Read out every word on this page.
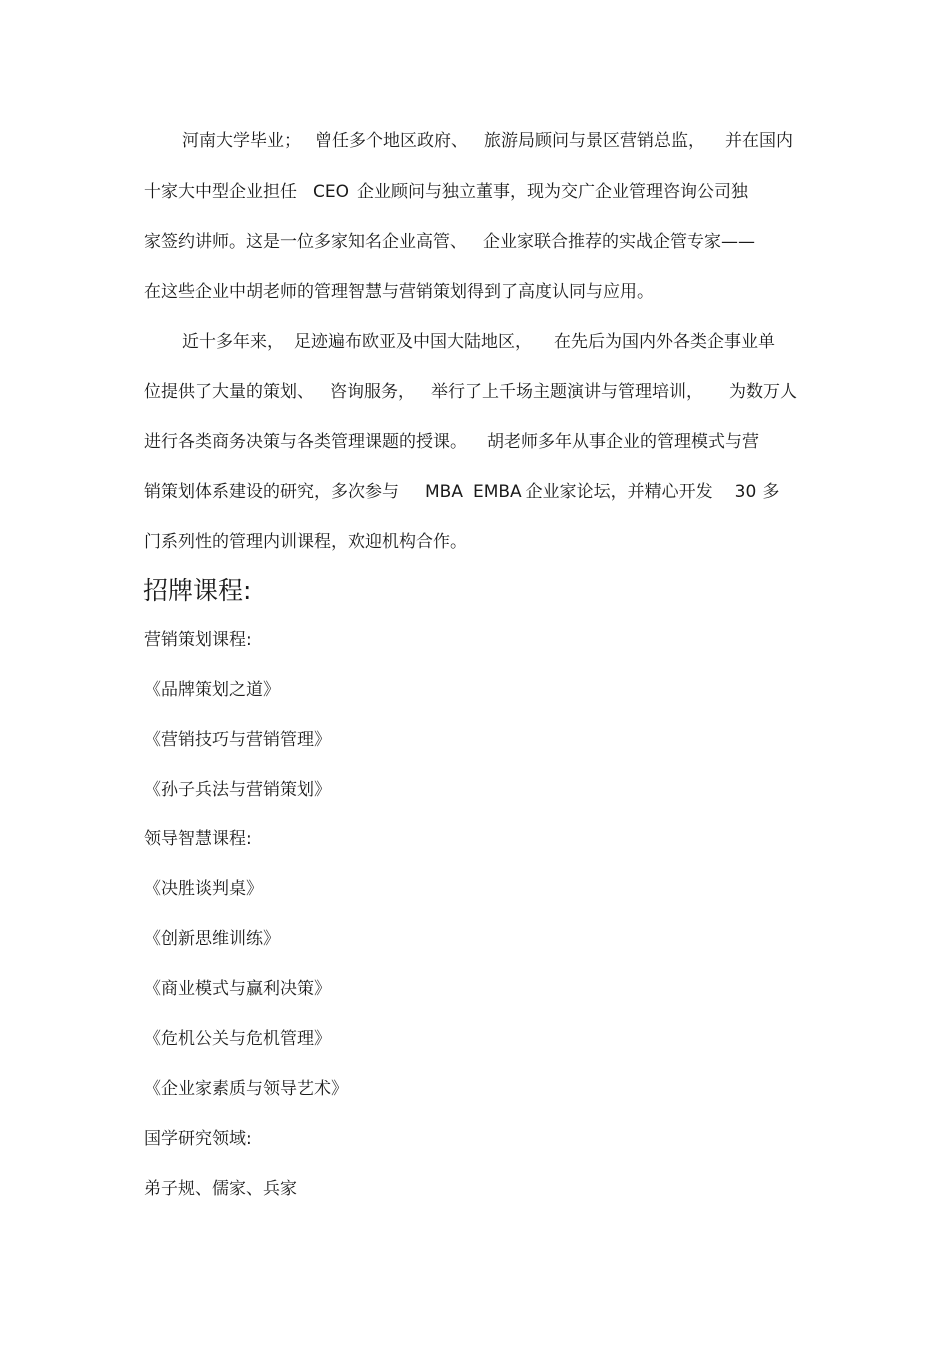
河南大学毕业； 曾任多个地区政府、 旅游局顾问与景区营销总监， 并在国内
十家大中型企业担任 CEO 企业顾问与独立董事，现为交广企业管理咨询公司独
家签约讲师。这是一位多家知名企业高管、 企业家联合推荐的实战企管专家——
在这些企业中胡老师的管理智慧与营销策划得到了高度认同与应用。
近十多年来， 足迹遍布欧亚及中国大陆地区， 在先后为国内外各类企事业单
位提供了大量的策划、 咨询服务， 举行了上千场主题演讲与管理培训， 为数万人
进行各类商务决策与各类管理课题的授课。 胡老师多年从事企业的管理模式与营
销策划体系建设的研究，多次参与 MBA EMBA 企业家论坛，并精心开发 30 多
门系列性的管理内训课程，欢迎机构合作。
招牌课程:
营销策划课程:
《品牌策划之道》
《营销技巧与营销管理》
《孙子兵法与营销策划》
领导智慧课程:
《决胜谈判桌》
《创新思维训练》
《商业模式与赢利决策》
《危机公关与危机管理》
《企业家素质与领导艺术》
国学研究领域:
弟子规、儒家、兵家
